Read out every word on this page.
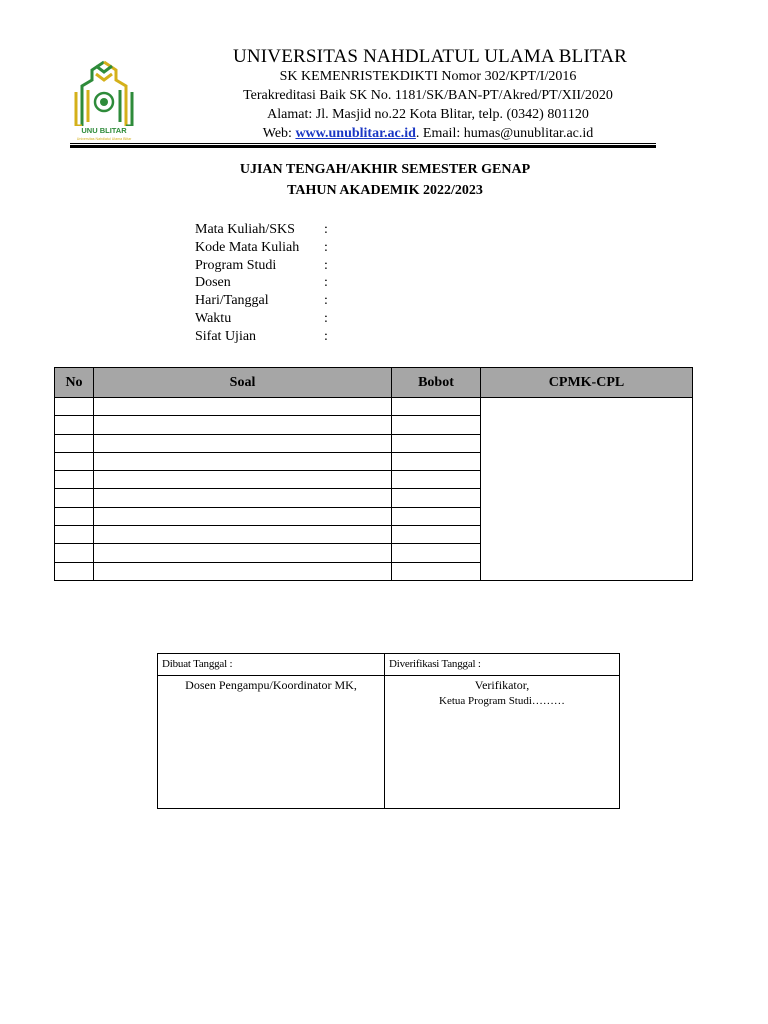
UNU BLITAR
Universitas Nahdlatul Ulama Blitar
UNIVERSITAS NAHDLATUL ULAMA BLITAR
SK KEMENRISTEKDIKTI Nomor 302/KPT/I/2016
Terakreditasi Baik SK No. 1181/SK/BAN-PT/Akred/PT/XII/2020
Alamat: Jl. Masjid no.22 Kota Blitar, telp. (0342) 801120
Web: www.unublitar.ac.id. Email: humas@unublitar.ac.id
UJIAN TENGAH/AKHIR SEMESTER GENAP
TAHUN AKADEMIK 2022/2023
Mata Kuliah/SKS :
Kode Mata Kuliah :
Program Studi	:
Dosen	:
Hari/Tanggal	:
Waktu	:
Sifat Ujian	:
No	Soal	Bobot	CPMK-CPL

Dibuat Tanggal :	Diverifikasi Tanggal :

Dosen Pengampu/Koordinator MK,	Verifikator,
Ketua Program Studi………
